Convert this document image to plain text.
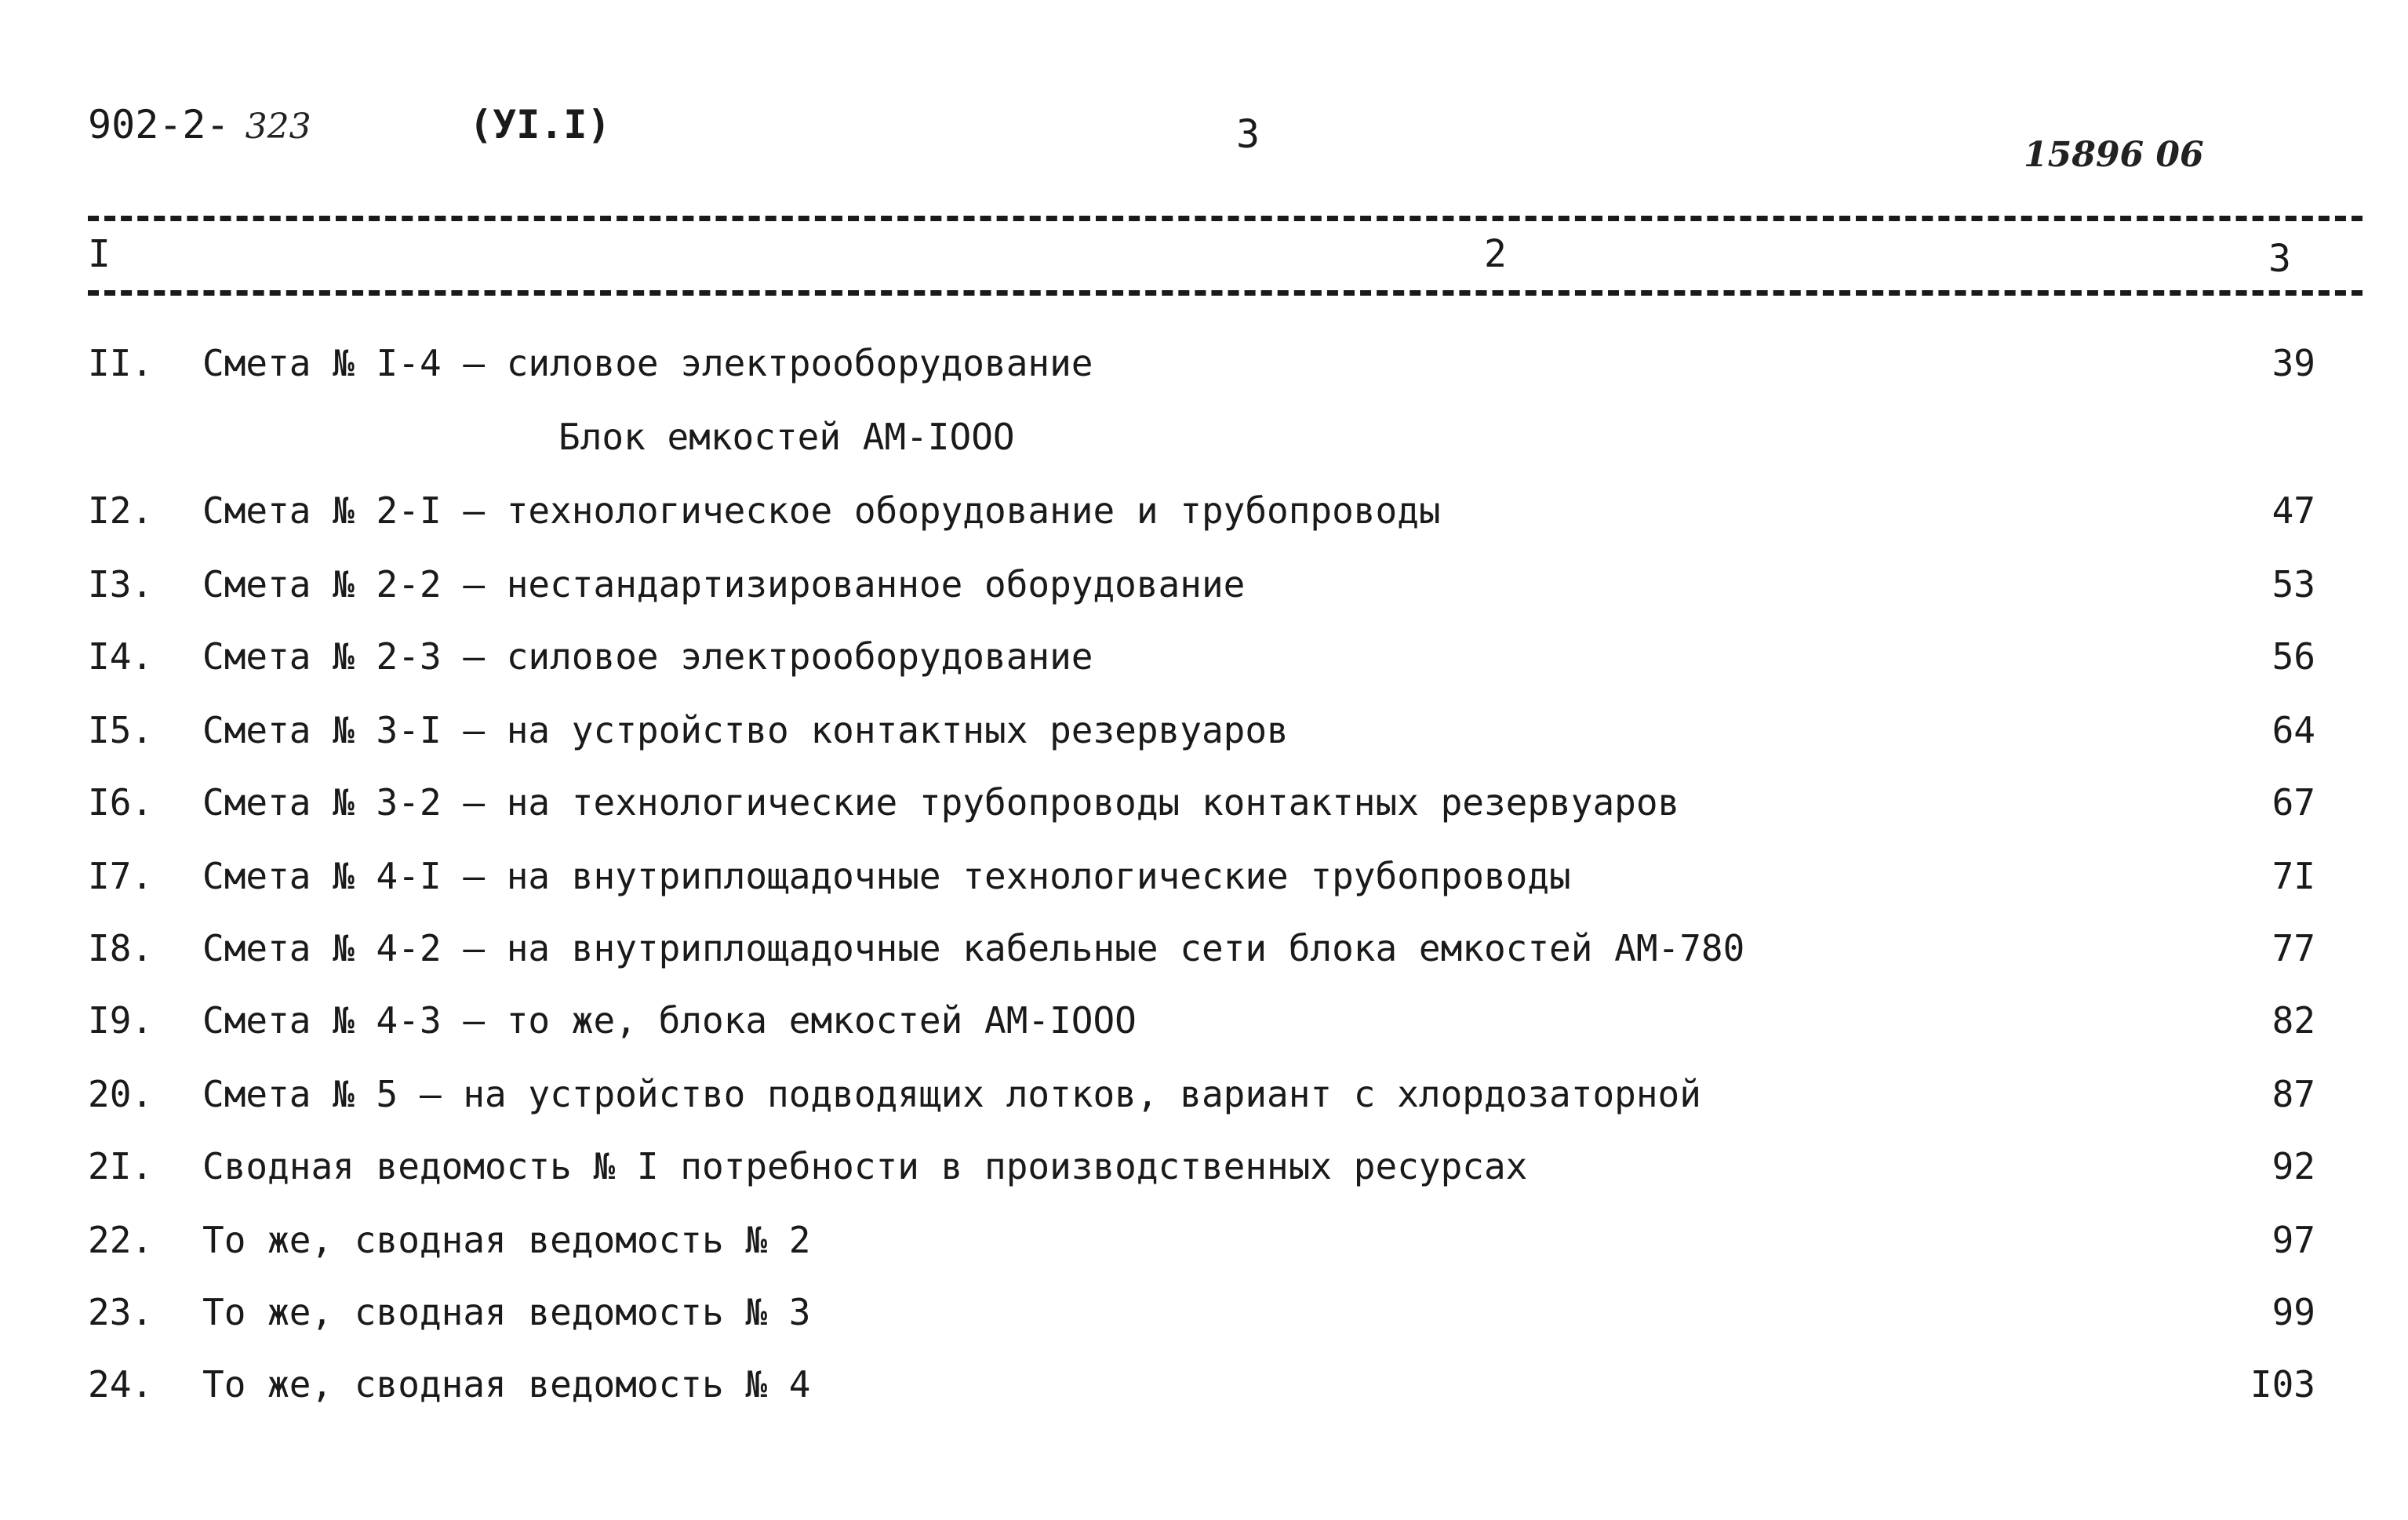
902-2- 323	(УI.I)	3	15896 06
I	2	3
II. Смета № I-4 – силовое электрооборудование	39
Блок емкостей АМ-IООО
I2. Смета № 2-I – технологическое оборудование и трубопроводы	47
I3. Смета № 2-2 – нестандартизированное оборудование	53
I4. Смета № 2-3 – силовое электрооборудование	56
I5. Смета № 3-I – на устройство контактных резервуаров	64
I6. Смета № 3-2 – на технологические трубопроводы контактных резервуаров	67
I7. Смета № 4-I – на внутриплощадочные технологические трубопроводы	7I
I8. Смета № 4-2 – на внутриплощадочные кабельные сети блока емкостей АМ-780	77
I9. Смета № 4-3 – то же, блока емкостей АМ-IООО	82
20. Смета № 5 – на устройство подводящих лотков, вариант с хлордозаторной	87
2I. Сводная ведомость № I потребности в производственных ресурсах	92
22. То же, сводная ведомость № 2	97
23. То же, сводная ведомость № 3	99
24. То же, сводная ведомость № 4	I03
